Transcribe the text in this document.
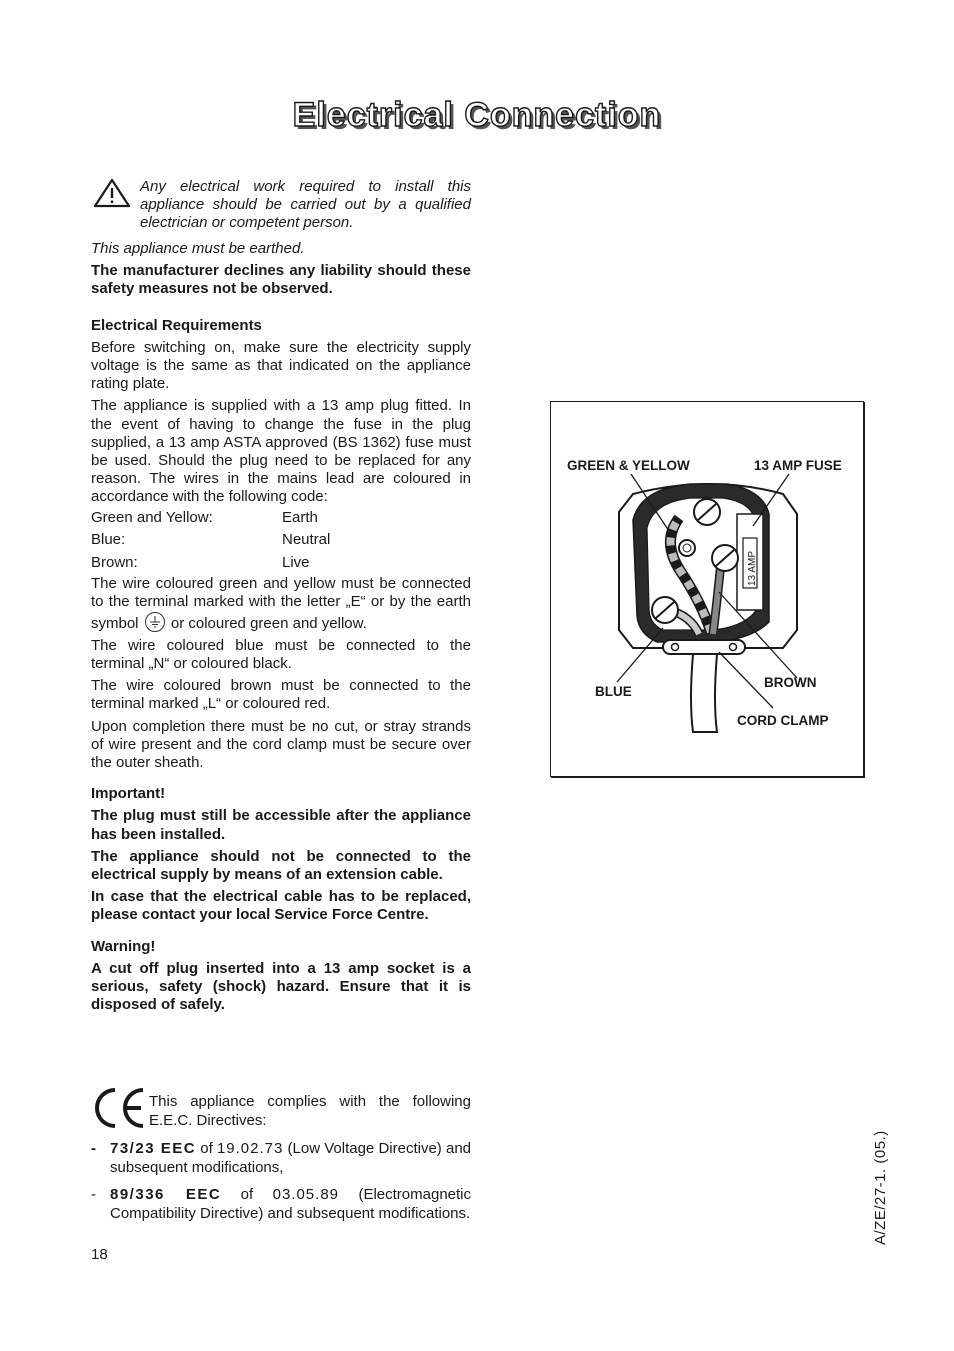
Electrical Connection

Any electrical work required to install this appliance should be carried out by a qualified electrician or competent person.

This appliance must be earthed.

The manufacturer declines any liability should these safety measures not be observed.

Electrical Requirements

Before switching on, make sure the electricity supply voltage is the same as that indicated on the appliance rating plate.

The appliance is supplied with a 13 amp plug fitted. In the event of having to change the fuse in the plug supplied, a 13 amp ASTA approved (BS 1362) fuse must be used. Should the plug need to be replaced for any reason. The wires in the mains lead are coloured in accordance with the following code:

Green and Yellow:	Earth
Blue:	Neutral
Brown:	Live

The wire coloured green and yellow must be connected to the terminal marked with the letter „E“ or by the earth symbol or coloured green and yellow.

The wire coloured blue must be connected to the terminal „N“ or coloured black.

The wire coloured brown must be connected to the terminal marked „L“ or coloured red.

Upon completion there must be no cut, or stray strands of wire present and the cord clamp must be secure over the outer sheath.

Important!

The plug must still be accessible after the appliance has been installed.

The appliance should not be connected to the electrical supply by means of an extension cable.

In case that the electrical cable has to be replaced, please contact your local Service Force Centre.

Warning!

A cut off plug inserted into a 13 amp socket is a serious, safety (shock) hazard. Ensure that it is disposed of safely.

This appliance complies with the following E.E.C. Directives:

- 73/23 EEC of 19.02.73 (Low Voltage Directive) and subsequent modifications,
- 89/336 EEC of 03.05.89 (Electromagnetic Compatibility Directive) and subsequent modifications.
18
A/ZE/27-1. (05.)
13 AMP
GREEN & YELLOW	13 AMP FUSE
BLUE
BROWN
CORD CLAMP
